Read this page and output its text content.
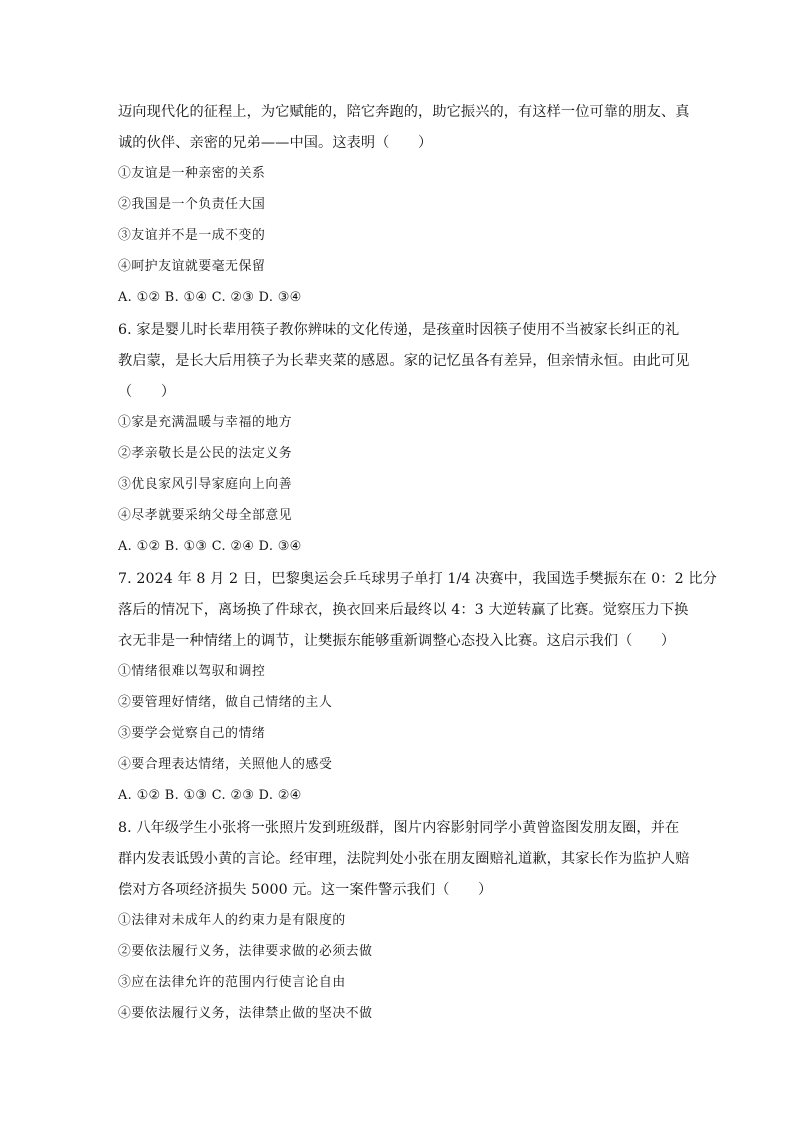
迈向现代化的征程上，为它赋能的，陪它奔跑的，助它振兴的，有这样一位可靠的朋友、真
诚的伙伴、亲密的兄弟——中国。这表明（　　）
①友谊是一种亲密的关系
②我国是一个负责任大国
③友谊并不是一成不变的
④呵护友谊就要毫无保留
A. ①② B. ①④ C. ②③ D. ③④
6. 家是婴儿时长辈用筷子教你辨味的文化传递，是孩童时因筷子使用不当被家长纠正的礼
教启蒙，是长大后用筷子为长辈夹菜的感恩。家的记忆虽各有差异，但亲情永恒。由此可见
（　　）
①家是充满温暖与幸福的地方
②孝亲敬长是公民的法定义务
③优良家风引导家庭向上向善
④尽孝就要采纳父母全部意见
A. ①② B. ①③ C. ②④ D. ③④
7. 2024 年 8 月 2 日，巴黎奥运会乒乓球男子单打 1/4 决赛中，我国选手樊振东在 0：2 比分
落后的情况下，离场换了件球衣，换衣回来后最终以 4：3 大逆转赢了比赛。觉察压力下换
衣无非是一种情绪上的调节，让樊振东能够重新调整心态投入比赛。这启示我们（　　）
①情绪很难以驾驭和调控
②要管理好情绪，做自己情绪的主人
③要学会觉察自己的情绪
④要合理表达情绪，关照他人的感受
A. ①② B. ①③ C. ②③ D. ②④
8. 八年级学生小张将一张照片发到班级群，图片内容影射同学小黄曾盗图发朋友圈，并在
群内发表诋毁小黄的言论。经审理，法院判处小张在朋友圈赔礼道歉，其家长作为监护人赔
偿对方各项经济损失 5000 元。这一案件警示我们（　　）
①法律对未成年人的约束力是有限度的
②要依法履行义务，法律要求做的必须去做
③应在法律允许的范围内行使言论自由
④要依法履行义务，法律禁止做的坚决不做
